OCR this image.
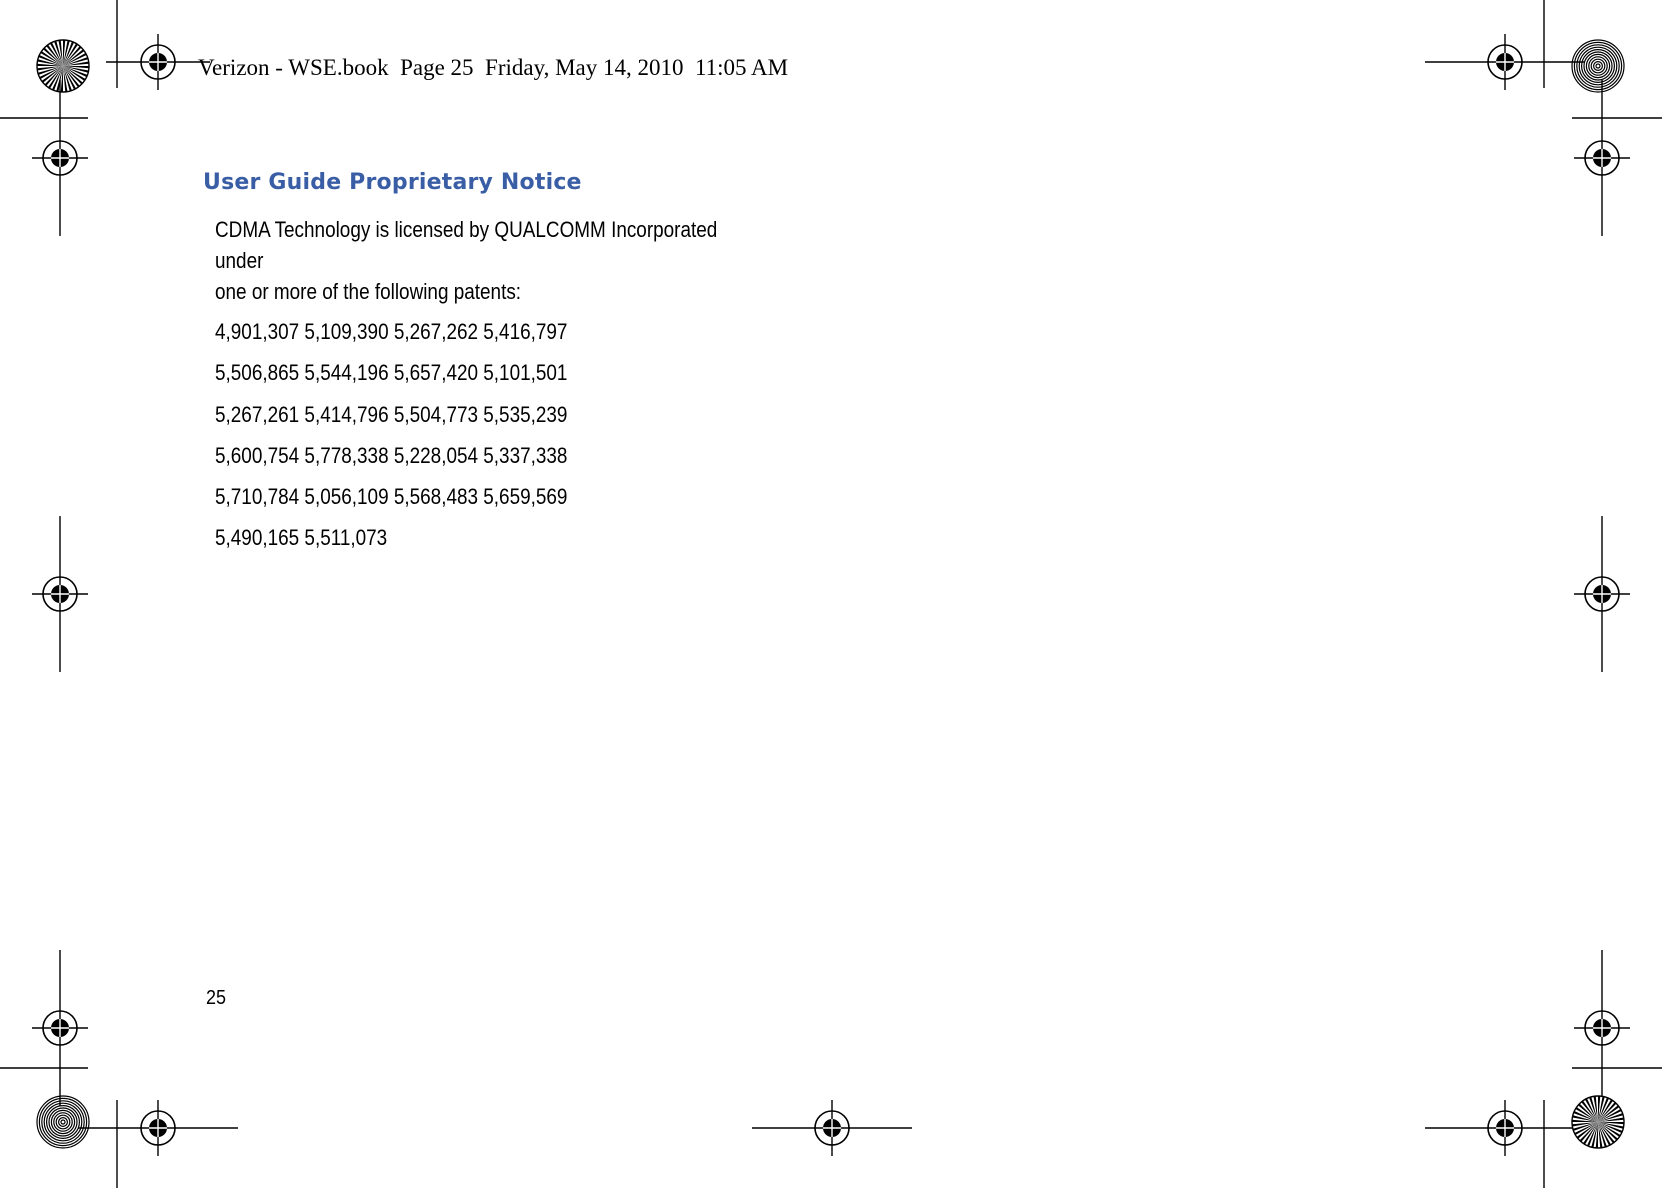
Verizon - WSE.book  Page 25  Friday, May 14, 2010  11:05 AM
User Guide Proprietary Notice

CDMA Technology is licensed by QUALCOMM Incorporated under
one or more of the following patents:

4,901,307 5,109,390 5,267,262 5,416,797
5,506,865 5,544,196 5,657,420 5,101,501
5,267,261 5,414,796 5,504,773 5,535,239
5,600,754 5,778,338 5,228,054 5,337,338
5,710,784 5,056,109 5,568,483 5,659,569
5,490,165 5,511,073
25
